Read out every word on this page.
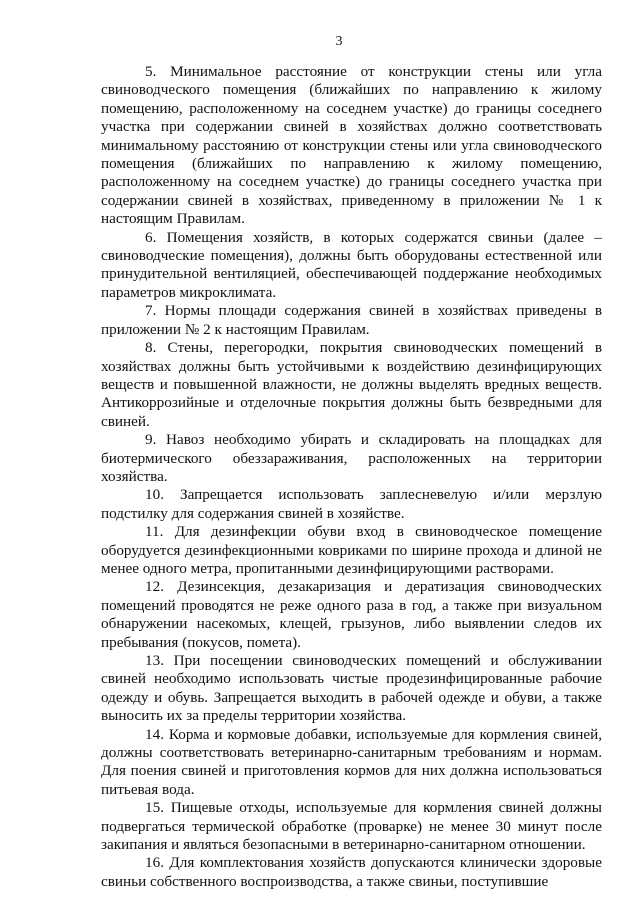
3

5. Минимальное расстояние от конструкции стены или угла свиноводческого помещения (ближайших по направлению к жилому помещению, расположенному на соседнем участке) до границы соседнего участка при содержании свиней в хозяйствах должно соответствовать минимальному расстоянию от конструкции стены или угла свиноводческого помещения (ближайших по направлению к жилому помещению, расположенному на соседнем участке) до границы соседнего участка при содержании свиней в хозяйствах, приведенному в приложении № 1 к настоящим Правилам.

6. Помещения хозяйств, в которых содержатся свиньи (далее – свиноводческие помещения), должны быть оборудованы естественной или принудительной вентиляцией, обеспечивающей поддержание необходимых параметров микроклимата.

7. Нормы площади содержания свиней в хозяйствах приведены в приложении № 2 к настоящим Правилам.

8. Стены, перегородки, покрытия свиноводческих помещений в хозяйствах должны быть устойчивыми к воздействию дезинфицирующих веществ и повышенной влажности, не должны выделять вредных веществ. Антикоррозийные и отделочные покрытия должны быть безвредными для свиней.

9. Навоз необходимо убирать и складировать на площадках для биотермического обеззараживания, расположенных на территории хозяйства.

10. Запрещается использовать заплесневелую и/или мерзлую подстилку для содержания свиней в хозяйстве.

11. Для дезинфекции обуви вход в свиноводческое помещение оборудуется дезинфекционными ковриками по ширине прохода и длиной не менее одного метра, пропитанными дезинфицирующими растворами.

12. Дезинсекция, дезакаризация и дератизация свиноводческих помещений проводятся не реже одного раза в год, а также при визуальном обнаружении насекомых, клещей, грызунов, либо выявлении следов их пребывания (покусов, помета).

13. При посещении свиноводческих помещений и обслуживании свиней необходимо использовать чистые продезинфицированные рабочие одежду и обувь. Запрещается выходить в рабочей одежде и обуви, а также выносить их за пределы территории хозяйства.

14. Корма и кормовые добавки, используемые для кормления свиней, должны соответствовать ветеринарно-санитарным требованиям и нормам. Для поения свиней и приготовления кормов для них должна использоваться питьевая вода.

15. Пищевые отходы, используемые для кормления свиней должны подвергаться термической обработке (проварке) не менее 30 минут после закипания и являться безопасными в ветеринарно-санитарном отношении.

16. Для комплектования хозяйств допускаются клинически здоровые свиньи собственного воспроизводства, а также свиньи, поступившие
